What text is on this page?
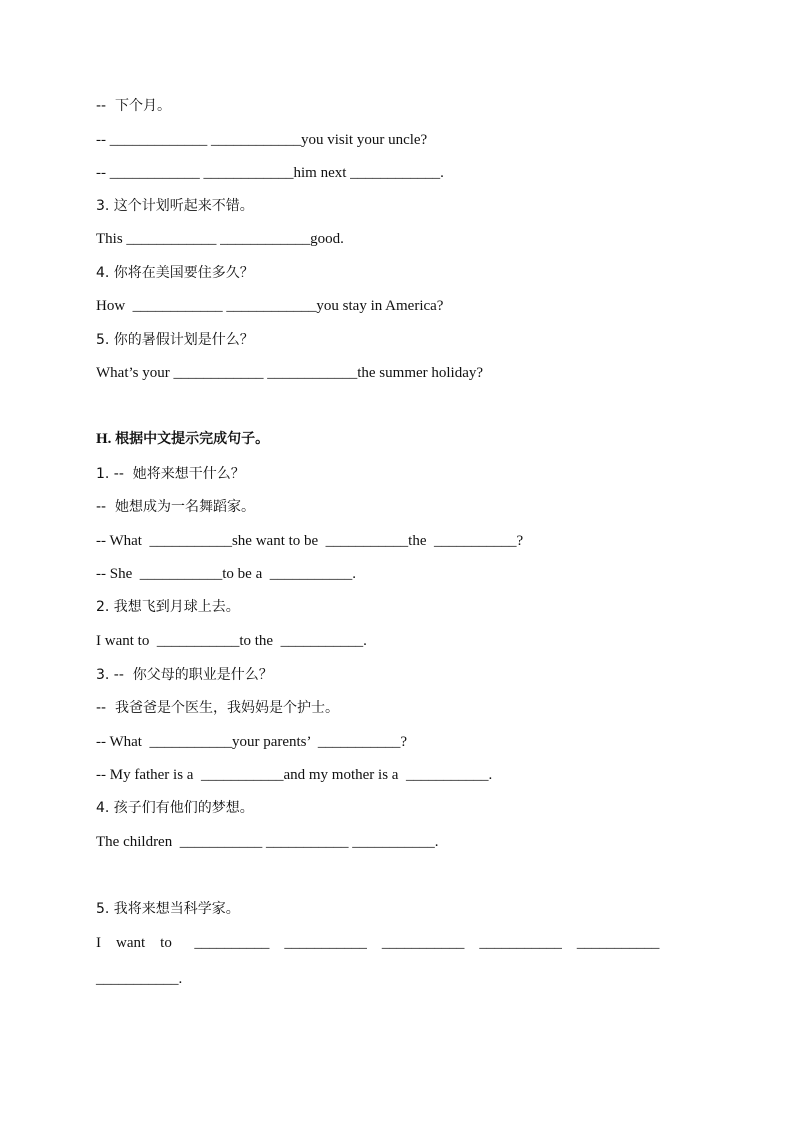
--  下个月。
-- _____________ ____________you visit your uncle?
-- ____________ ____________him next ____________.
3. 这个计划听起来不错。
This ____________ ____________good.
4. 你将在美国要住多久？
How  ____________ ____________you stay in America?
5. 你的暑假计划是什么？
What’s your ____________ ____________the summer holiday?
H. 根据中文提示完成句子。
1. --  她将来想干什么？
--  她想成为一名舞蹈家。
-- What  ___________she want to be  ___________the  ___________?
-- She  ___________to be a  ___________.
2. 我想飞到月球上去。
I want to  ___________to the  ___________.
3. --  你父母的职业是什么？
--  我爸爸是个医生，我妈妈是个护士。
-- What  ___________your parents’  ___________?
-- My father is a  ___________and my mother is a  ___________.
4. 孩子们有他们的梦想。
The children  ___________ ___________ ___________.
5. 我将来想当科学家。
I    want    to      __________    ___________    ___________    ___________    ___________
___________.
